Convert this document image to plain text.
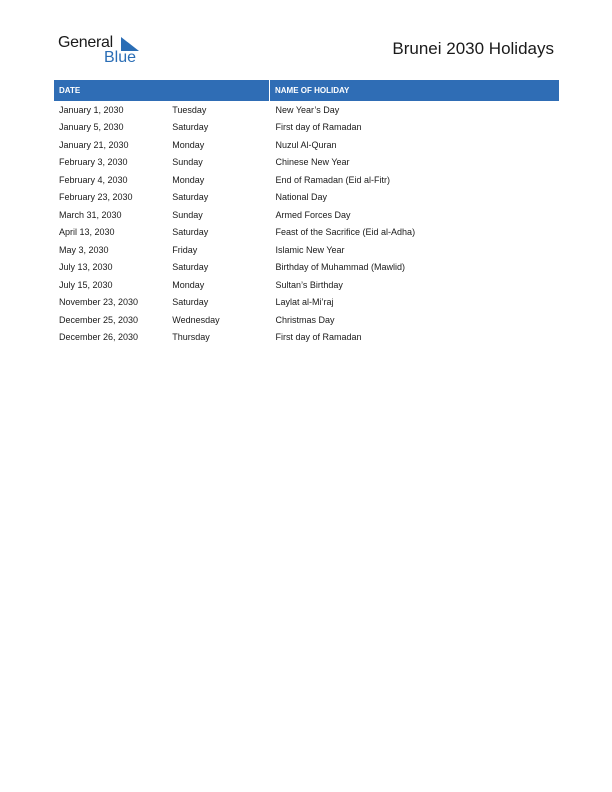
General
Blue	Brunei 2030 Holidays
DATE		NAME OF HOLIDAY
January 1, 2030	Tuesday	New Year’s Day
January 5, 2030	Saturday	First day of Ramadan
January 21, 2030	Monday	Nuzul Al-Quran
February 3, 2030	Sunday	Chinese New Year
February 4, 2030	Monday	End of Ramadan (Eid al-Fitr)
February 23, 2030	Saturday	National Day
March 31, 2030	Sunday	Armed Forces Day
April 13, 2030	Saturday	Feast of the Sacrifice (Eid al-Adha)
May 3, 2030	Friday	Islamic New Year
July 13, 2030	Saturday	Birthday of Muhammad (Mawlid)
July 15, 2030	Monday	Sultan’s Birthday
November 23, 2030	Saturday	Laylat al-Mi’raj
December 25, 2030	Wednesday	Christmas Day
December 26, 2030	Thursday	First day of Ramadan
